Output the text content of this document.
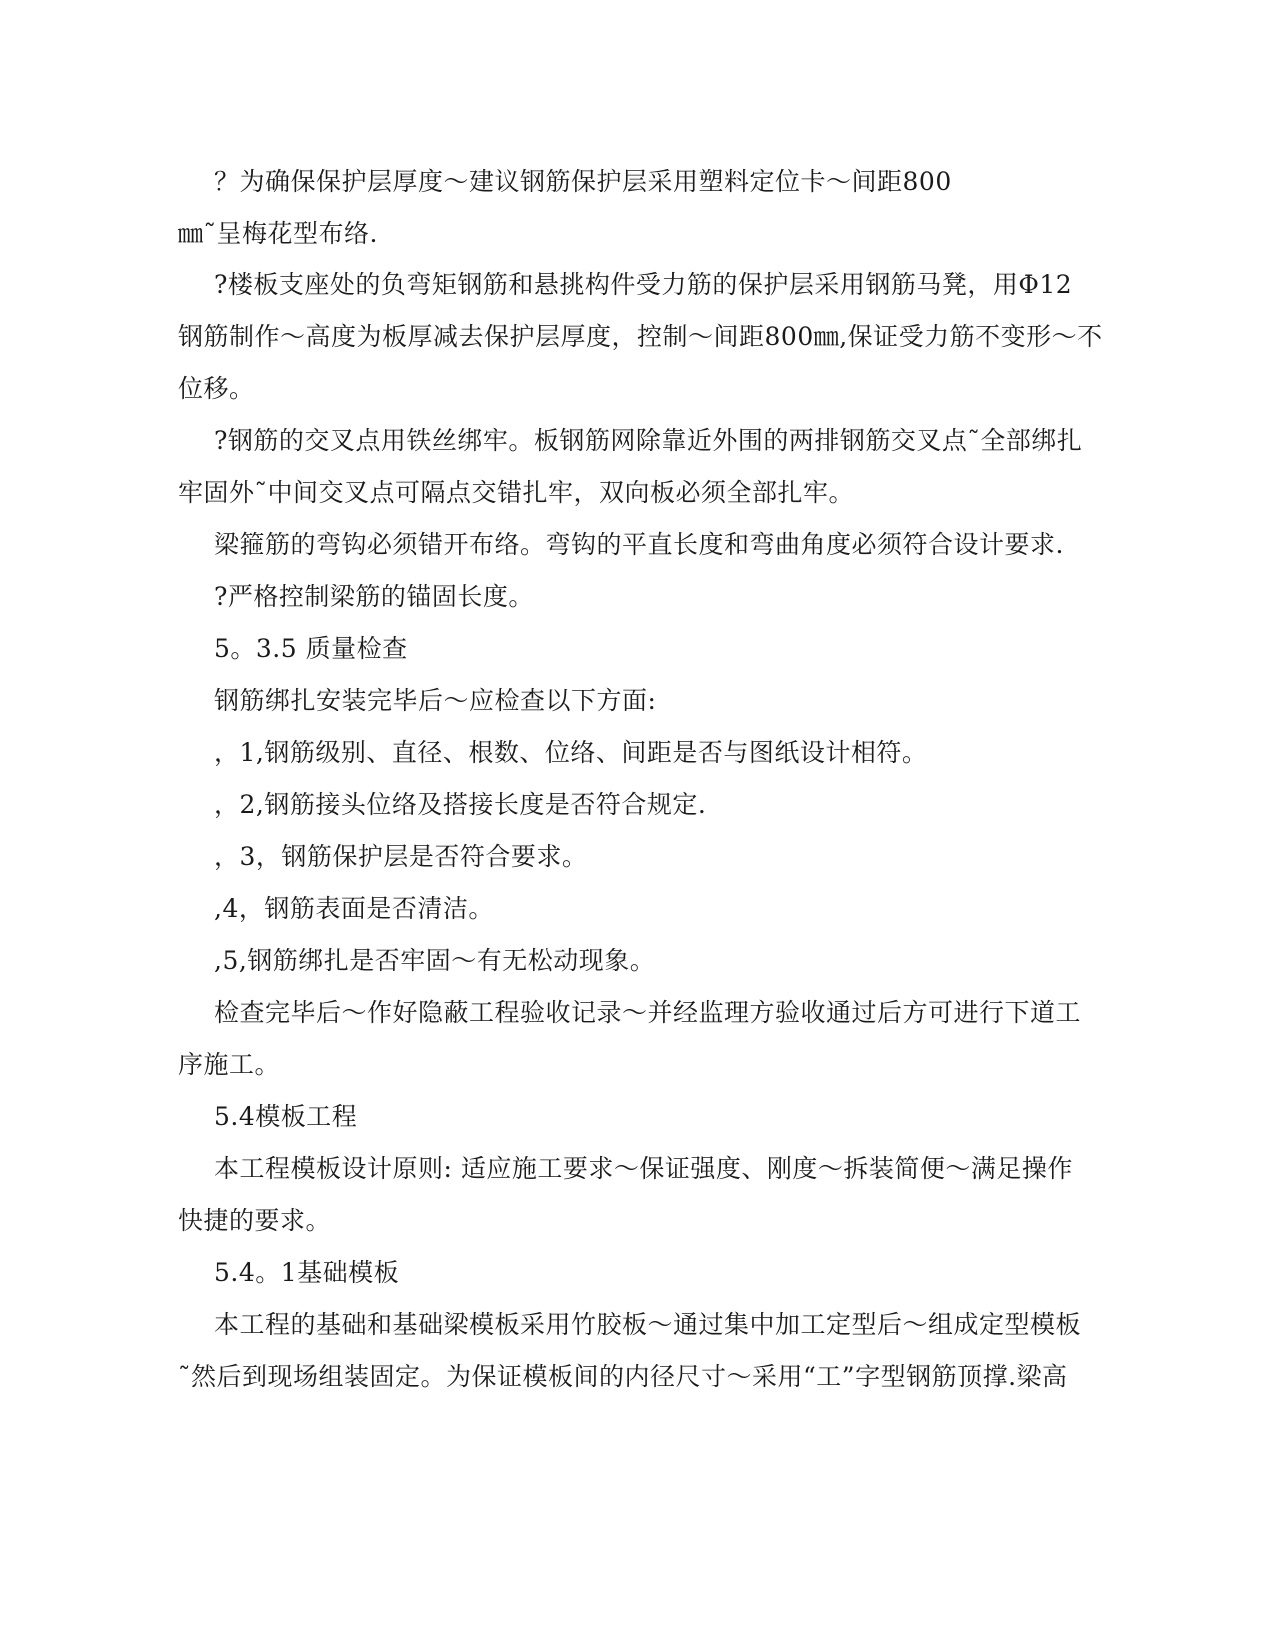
？为确保保护层厚度～建议钢筋保护层采用塑料定位卡～间距800
㎜˜呈梅花型布络.
?楼板支座处的负弯矩钢筋和悬挑构件受力筋的保护层采用钢筋马凳，用Φ12
钢筋制作～高度为板厚减去保护层厚度，控制～间距800㎜,保证受力筋不变形～不
位移。
?钢筋的交叉点用铁丝绑牢。板钢筋网除靠近外围的两排钢筋交叉点˜全部绑扎
牢固外˜中间交叉点可隔点交错扎牢，双向板必须全部扎牢。
梁箍筋的弯钩必须错开布络。弯钩的平直长度和弯曲角度必须符合设计要求.
?严格控制梁筋的锚固长度。
5。3.5 质量检查
钢筋绑扎安装完毕后～应检查以下方面:
，1,钢筋级别、直径、根数、位络、间距是否与图纸设计相符。
，2,钢筋接头位络及搭接长度是否符合规定.
，3，钢筋保护层是否符合要求。
,4，钢筋表面是否清洁。
,5,钢筋绑扎是否牢固～有无松动现象。
检查完毕后～作好隐蔽工程验收记录～并经监理方验收通过后方可进行下道工
序施工。
5.4模板工程
本工程模板设计原则: 适应施工要求～保证强度、刚度～拆装简便～满足操作
快捷的要求。
5.4。1基础模板
本工程的基础和基础梁模板采用竹胶板～通过集中加工定型后～组成定型模板
˜然后到现场组装固定。为保证模板间的内径尺寸～采用“工”字型钢筋顶撑.梁高
